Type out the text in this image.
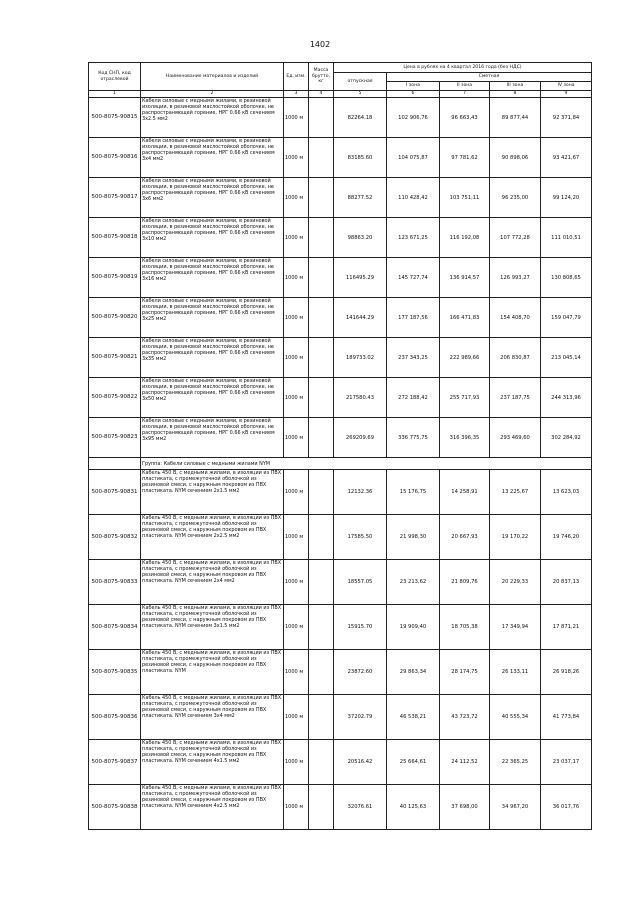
1402
Код СНП, код отраслевой	Наименование материалов и изделий	Ед. изм.	Масса брутто, кг	Цена в рублях на 4 квартал 2016 года (без НДС)				
				отпускная	Сметная			
					I зона	II зона	III зона	IV зона
1	2	3	4	5	6	7	8	9
500-8075-90815	Кабели силовые с медными жилами, в резиновой изоляции, в резиновой маслостойкой оболочке, не распространяющей горение, НРГ 0.66 кВ сечением 3х2.5 мм2	1000 м		82264.18	102 906,76	96 663,43	89 877,44	92 371,84
500-8075-90816	Кабели силовые с медными жилами, в резиновой изоляции, в резиновой маслостойкой оболочке, не распространяющей горение, НРГ 0.66 кВ сечением 3х4 мм2	1000 м		83185.60	104 075,87	97 781,62	90 898,06	93 421,67
500-8075-90817	Кабели силовые с медными жилами, в резиновой изоляции, в резиновой маслостойкой оболочке, не распространяющей горение, НРГ 0.66 кВ сечением 3х6 мм2	1000 м		88277.52	110 428,42	103 751,11	96 235,00	99 124,20
500-8075-90818	Кабели силовые с медными жилами, в резиновой изоляции, в резиновой маслостойкой оболочке, не распространяющей горение, НРГ 0.66 кВ сечением 3х10 мм2	1000 м		98863.20	123 671,25	116 192,08	107 772,28	111 010,51
500-8075-90819	Кабели силовые с медными жилами, в резиновой изоляции, в резиновой маслостойкой оболочке, не распространяющей горение, НРГ 0.66 кВ сечением 3х16 мм2	1000 м		116495.29	145 727,74	136 914,57	126 993,27	130 808,65
500-8075-90820	Кабели силовые с медными жилами, в резиновой изоляции, в резиновой маслостойкой оболочке, не распространяющей горение, НРГ 0.66 кВ сечением 3х25 мм2	1000 м		141644.29	177 187,56	166 471,83	154 408,70	159 047,79
500-8075-90821	Кабели силовые с медными жилами, в резиновой изоляции, в резиновой маслостойкой оболочке, не распространяющей горение, НРГ 0.66 кВ сечением 3х35 мм2	1000 м		189733.02	237 343,25	222 989,66	206 830,87	213 045,14
500-8075-90822	Кабели силовые с медными жилами, в резиновой изоляции, в резиновой маслостойкой оболочке, не распространяющей горение, НРГ 0.66 кВ сечением 3х50 мм2	1000 м		217580.43	272 188,42	255 717,93	237 187,75	244 313,96
500-8075-90823	Кабели силовые с медными жилами, в резиновой изоляции, в резиновой маслостойкой оболочке, не распространяющей горение, НРГ 0.66 кВ сечением 3х95 мм2	1000 м		269209.69	336 775,75	316 396,35	293 469,60	302 284,92
	Группа: Кабели силовые с медными жилами NYM							
500-8075-90831	Кабель 450 В, с медными жилами, в изоляции из ПВХ пластиката, с промежуточной оболочкой из резиновой смеси, с наружным покровом из ПВХ пластиката. NYM сечением 2х1.5 мм2	1000 м		12132.36	15 176,75	14 258,91	13 225,67	13 623,03
500-8075-90832	Кабель 450 В, с медными жилами, в изоляции из ПВХ пластиката, с промежуточной оболочкой из резиновой смеси, с наружным покровом из ПВХ пластиката. NYM сечением 2х2.5 мм2	1000 м		17585.50	21 998,30	20 667,93	19 170,22	19 746,20
500-8075-90833	Кабель 450 В, с медными жилами, в изоляции из ПВХ пластиката, с промежуточной оболочкой из резиновой смеси, с наружным покровом из ПВХ пластиката. NYM сечением 2х4 мм2	1000 м		18557.05	23 213,62	21 809,76	20 229,33	20 837,13
500-8075-90834	Кабель 450 В, с медными жилами, в изоляции из ПВХ пластиката, с промежуточной оболочкой из резиновой смеси, с наружным покровом из ПВХ пластиката. NYM сечением 3х1.5 мм2	1000 м		15915.70	19 909,40	18 705,38	17 349,94	17 871,21
500-8075-90835	Кабель 450 В, с медными жилами, в изоляции из ПВХ пластиката, с промежуточной оболочкой из резиновой смеси, с наружным покровом из ПВХ пластиката. NYM	1000 м		23872.60	29 863,34	28 174,75	26 133,11	26 918,26
500-8075-90836	Кабель 450 В, с медными жилами, в изоляции из ПВХ пластиката, с промежуточной оболочкой из резиновой смеси, с наружным покровом из ПВХ пластиката. NYM сечением 3х4 мм2	1000 м		37202.79	46 538,21	43 723,72	40 555,34	41 773,84
500-8075-90837	Кабель 450 В, с медными жилами, в изоляции из ПВХ пластиката, с промежуточной оболочкой из резиновой смеси, с наружным покровом из ПВХ пластиката. NYM сечением 4х1.5 мм2	1000 м		20516.42	25 664,61	24 112,52	22 365,25	23 037,17
500-8075-90838	Кабель 450 В, с медными жилами, в изоляции из ПВХ пластиката, с промежуточной оболочкой из резиновой смеси, с наружным покровом из ПВХ пластиката. NYM сечением 4х2.5 мм2	1000 м		32076.61	40 125,63	37 698,00	34 967,20	36 017,76
